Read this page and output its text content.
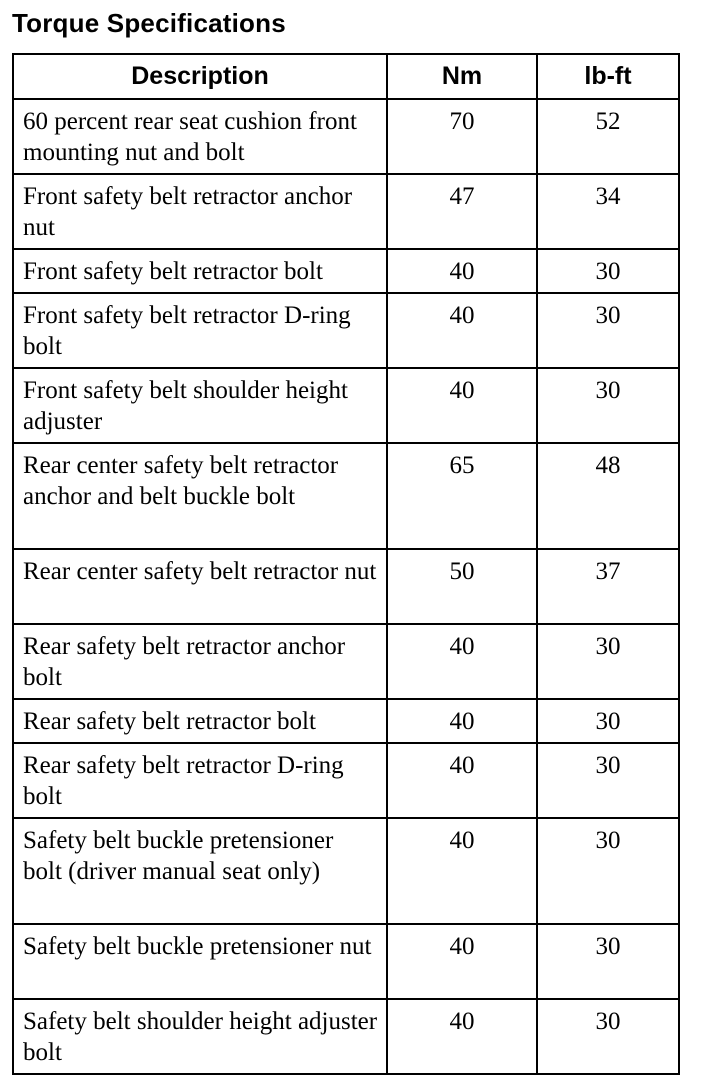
Torque Specifications
Description	Nm	lb-ft
60 percent rear seat cushion front mounting nut and bolt	70	52
Front safety belt retractor anchor nut	47	34
Front safety belt retractor bolt	40	30
Front safety belt retractor D-ring bolt	40	30
Front safety belt shoulder height adjuster	40	30
Rear center safety belt retractor anchor and belt buckle bolt	65	48
Rear center safety belt retractor nut	50	37
Rear safety belt retractor anchor bolt	40	30
Rear safety belt retractor bolt	40	30
Rear safety belt retractor D-ring bolt	40	30
Safety belt buckle pretensioner bolt (driver manual seat only)	40	30
Safety belt buckle pretensioner nut	40	30
Safety belt shoulder height adjuster bolt	40	30
